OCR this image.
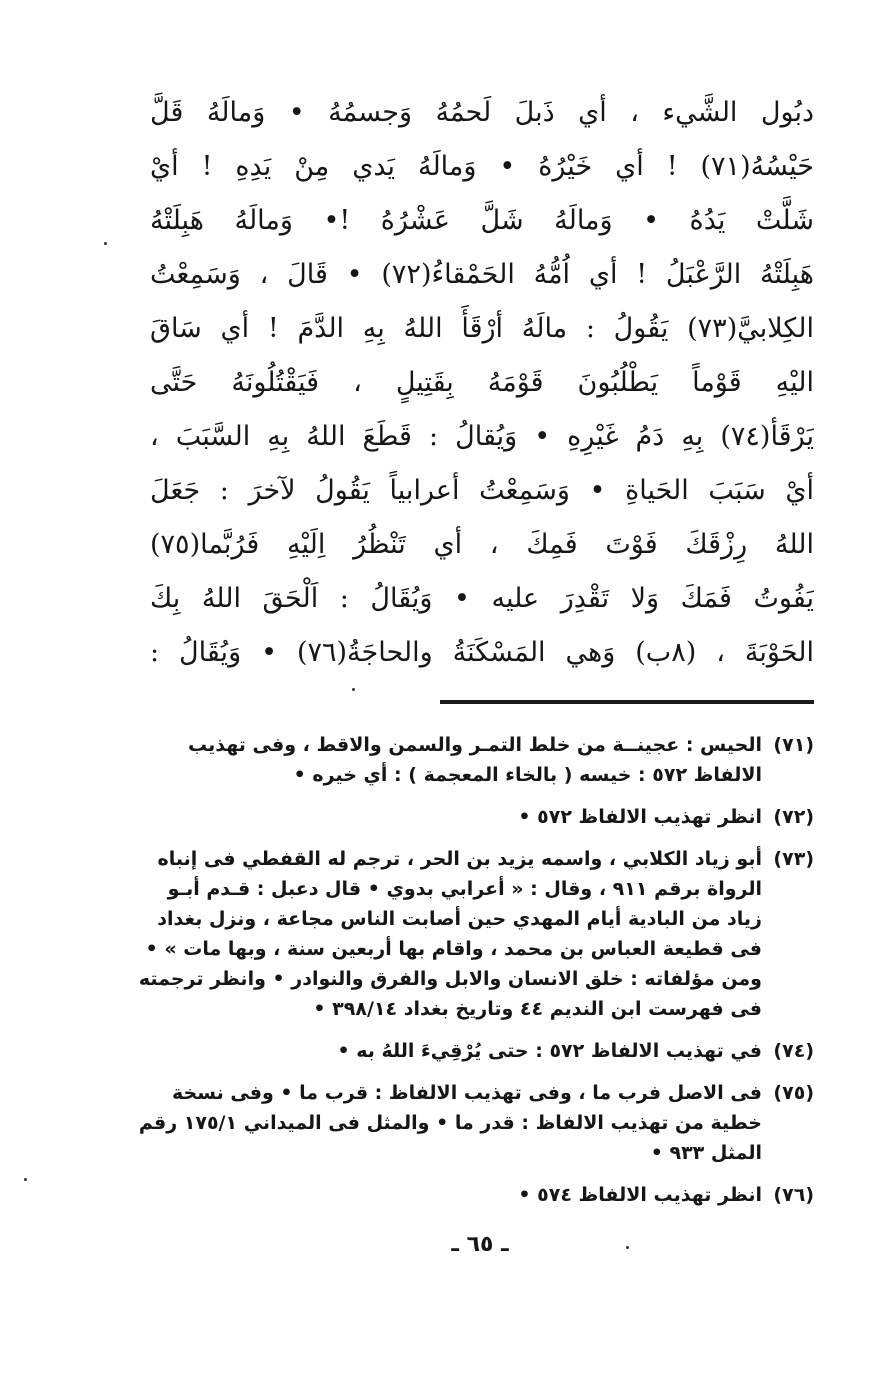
ُدبُول الشَّيء ، أي ذَبلَ لَحمُهُ وَجسمُهُ • وَمالَهُ قَلَّ
حَيْسُهُ(٧١) ! أي خَيْرُهُ • وَمالَهُ يَدي مِنْ يَدِهِ ! أيْ
شَلَّتْ يَدُهُ • وَمالَهُ شَلَّ عَشْرُهُ !• وَمالَهُ هَبِلَتْهُ
هَبِلَتْهُ الرَّعْبَلُ ! أي اُمُّهُ الحَمْقاءُ(٧٢) • قَالَ ، وَسَمِعْتُ
الكِلابيَّ(٧٣) يَقُولُ : مالَهُ أرْقَأَ اللهُ بِهِ الدَّمَ ! أي سَاقَ
اليْهِ قَوْماً يَطْلُبُونَ قَوْمَهُ بِقَتِيلٍ ، فَيَقْتُلُونَهُ حَتَّى
يَرْقَأ(٧٤) بِهِ دَمُ غَيْرِهِ • وَيُقالُ : قَطَعَ اللهُ بِهِ السَّبَبَ ،
أيْ سَبَبَ الحَياةِ • وَسَمِعْتُ أعرابياً يَقُولُ لآخرَ : جَعَلَ
اللهُ رِزْقَكَ فَوْتَ فَمِكَ ، أي تَنْظُرُ اِلَيْهِ فَرُبَّما(٧٥)
يَفُوتُ فَمَكَ وَلا تَقْدِرَ عليه • وَيُقَالُ : اَلْحَقَ اللهُ بِكَ
الحَوْبَةَ ، (٨ب) وَهي المَسْكَنَةُ والحاجَةُ(٧٦) • وَيُقَالُ :
(٧١)
الحيس : عجينــة من خلط التمـر والسمن والاقط ، وفى تهذيب
الالفاظ ٥٧٢ : خيسه ( بالخاء المعجمة ) : أي خيره •
(٧٢)
انظر تهذيب الالفاظ ٥٧٢ •
(٧٣)
أبو زياد الكلابي ، واسمه يزيد بن الحر ، ترجم له القفطي فى إنباه
الرواة برقم ٩١١ ، وقال : « أعرابي بدوي • قال دعبل : قـدم أبـو
زياد من البادية أيام المهدي حين أصابت الناس مجاعة ، ونزل بغداد
فى قطيعة العباس بن محمد ، واقام بها أربعين سنة ، وبها مات » •
ومن مؤلفاته : خلق الانسان والابل والفرق والنوادر • وانظر ترجمته
فى فهرست ابن النديم ٤٤ وتاريخ بغداد ٣٩٨/١٤ •
(٧٤)
في تهذيب الالفاظ ٥٧٢ : حتى يُرْقِيءَ اللهُ به •
(٧٥)
فى الاصل فرب ما ، وفى تهذيب الالفاظ : قرب ما • وفى نسخة
خطية من تهذيب الالفاظ : قدر ما • والمثل فى الميداني ١٧٥/١ رقم
المثل ٩٣٣ •
(٧٦)
انظر تهذيب الالفاظ ٥٧٤ •
ـ ٦٥ ـ
